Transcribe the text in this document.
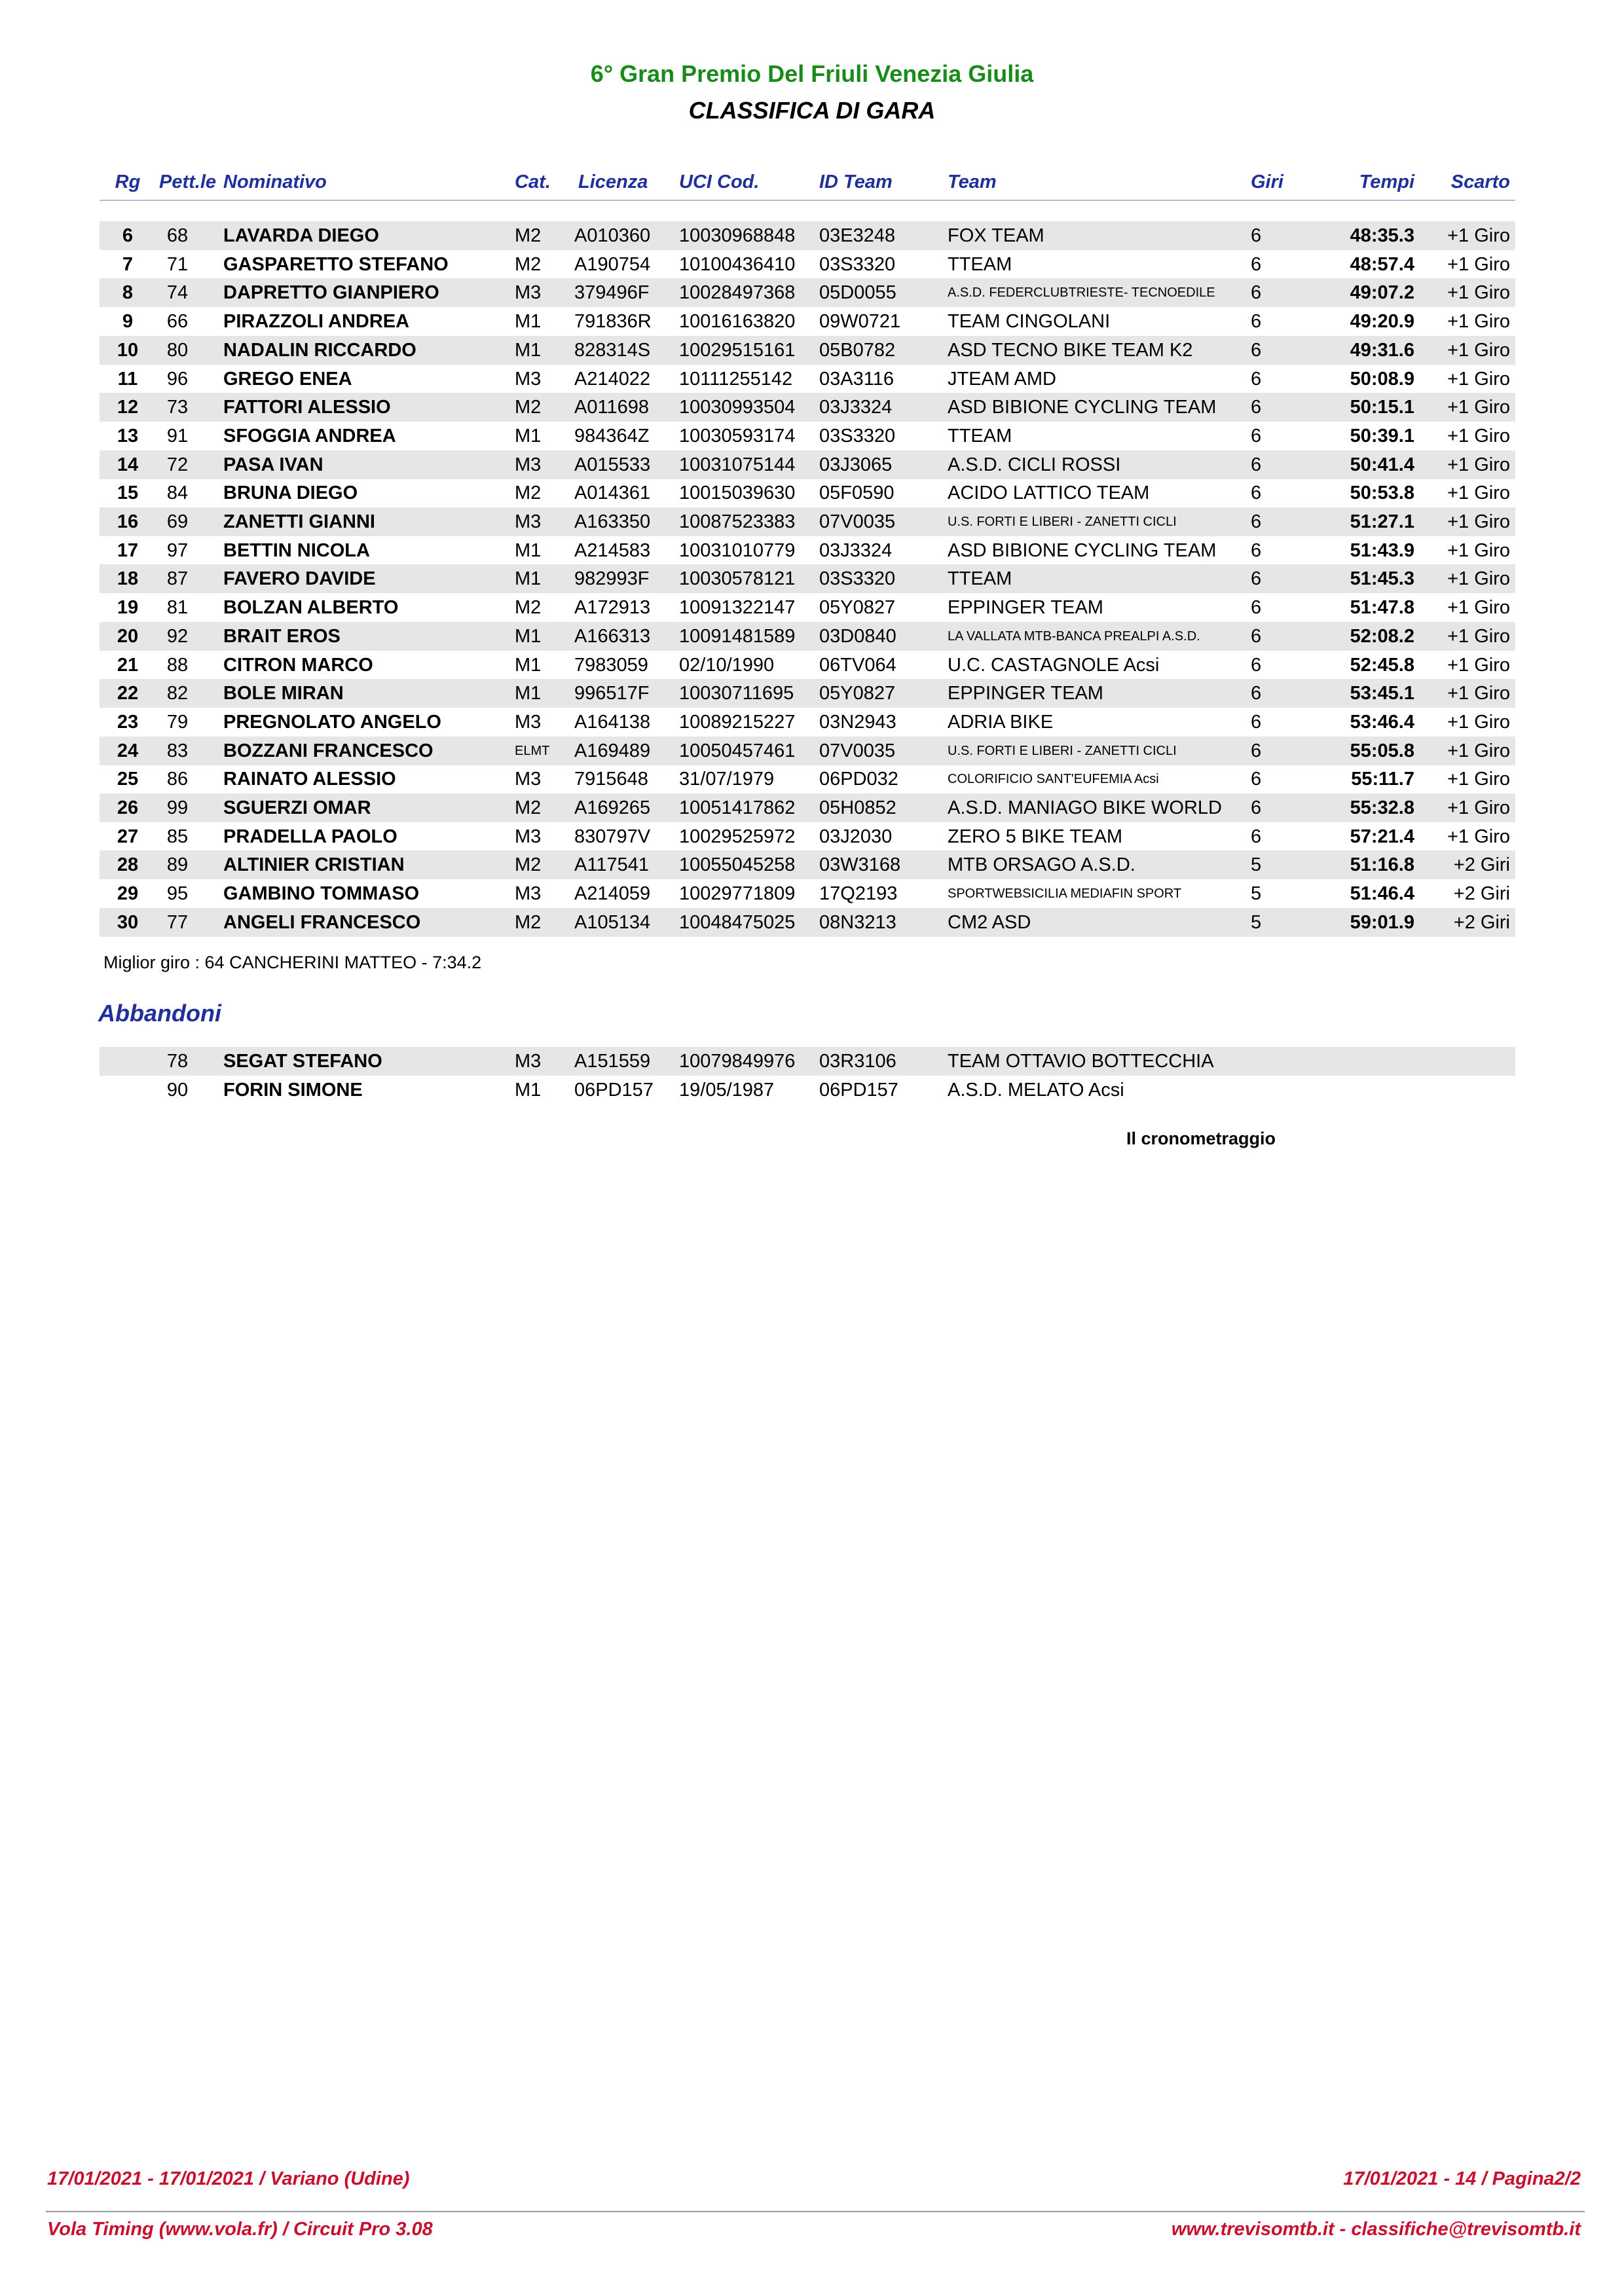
6° Gran Premio Del Friuli Venezia Giulia
CLASSIFICA DI GARA
Rg Pett.le Nominativo	Cat. Licenza UCI Cod.	ID Team	Team	Giri	Tempi	Scarto
6	68	LAVARDA DIEGO	M2 A010360 10030968848 03E3248	FOX TEAM	6	48:35.3	+1 Giro
7	71	GASPARETTO STEFANO	M2 A190754 10100436410 03S3320	TTEAM	6	48:57.4	+1 Giro
8	74	DAPRETTO GIANPIERO	M3 379496F 10028497368 05D0055	A.S.D. FEDERCLUBTRIESTE- TECNOEDILE 6	49:07.2	+1 Giro
9	66	PIRAZZOLI ANDREA	M1 791836R 10016163820 09W0721 TEAM CINGOLANI	6	49:20.9	+1 Giro
10	80	NADALIN RICCARDO	M1 828314S 10029515161 05B0782	ASD TECNO BIKE TEAM K2	6	49:31.6	+1 Giro
11	96	GREGO ENEA	M3 A214022 10111255142 03A3116	JTEAM AMD	6	50:08.9	+1 Giro
12	73	FATTORI ALESSIO	M2 A011698 10030993504 03J3324	ASD BIBIONE CYCLING TEAM 6	50:15.1	+1 Giro
13	91	SFOGGIA ANDREA	M1 984364Z 10030593174 03S3320	TTEAM	6	50:39.1	+1 Giro
14	72	PASA IVAN	M3 A015533 10031075144 03J3065	A.S.D. CICLI ROSSI	6	50:41.4	+1 Giro
15	84	BRUNA DIEGO	M2 A014361 10015039630 05F0590	ACIDO LATTICO TEAM	6	50:53.8	+1 Giro
16	69	ZANETTI GIANNI	M3 A163350 10087523383 07V0035	U.S. FORTI E LIBERI - ZANETTI CICLI	6	51:27.1	+1 Giro
17	97	BETTIN NICOLA	M1 A214583 10031010779 03J3324	ASD BIBIONE CYCLING TEAM 6	51:43.9	+1 Giro
18	87	FAVERO DAVIDE	M1 982993F 10030578121 03S3320	TTEAM	6	51:45.3	+1 Giro
19	81	BOLZAN ALBERTO	M2 A172913 10091322147 05Y0827	EPPINGER TEAM	6	51:47.8	+1 Giro
20	92	BRAIT EROS	M1 A166313 10091481589 03D0840	LA VALLATA MTB-BANCA PREALPI A.S.D.	6	52:08.2	+1 Giro
21	88	CITRON MARCO	M1 7983059 02/10/1990 06TV064	U.C. CASTAGNOLE Acsi	6	52:45.8	+1 Giro
22	82	BOLE MIRAN	M1 996517F 10030711695 05Y0827	EPPINGER TEAM	6	53:45.1	+1 Giro
23	79	PREGNOLATO ANGELO	M3 A164138 10089215227 03N2943	ADRIA BIKE	6	53:46.4	+1 Giro
24	83	BOZZANI FRANCESCO	ELMT A169489 10050457461 07V0035	U.S. FORTI E LIBERI - ZANETTI CICLI	6	55:05.8	+1 Giro
25	86	RAINATO ALESSIO	M3 7915648 31/07/1979 06PD032	COLORIFICIO SANT'EUFEMIA Acsi	6	55:11.7	+1 Giro
26	99	SGUERZI OMAR	M2 A169265 10051417862 05H0852	A.S.D. MANIAGO BIKE WORLD 6	55:32.8	+1 Giro
27	85	PRADELLA PAOLO	M3 830797V 10029525972 03J2030	ZERO 5 BIKE TEAM	6	57:21.4	+1 Giro
28	89	ALTINIER CRISTIAN	M2 A117541 10055045258 03W3168 MTB ORSAGO A.S.D.	5	51:16.8	+2 Giri
29	95	GAMBINO TOMMASO	M3 A214059 10029771809 17Q2193	SPORTWEBSICILIA MEDIAFIN SPORT	5	51:46.4	+2 Giri
30	77	ANGELI FRANCESCO	M2 A105134 10048475025 08N3213	CM2 ASD	5	59:01.9	+2 Giri
Miglior giro : 64 CANCHERINI MATTEO - 7:34.2
Abbandoni
78	SEGAT STEFANO	M3 A151559 10079849976 03R3106	TEAM OTTAVIO BOTTECCHIA
90	FORIN SIMONE	M1 06PD157 19/05/1987 06PD157	A.S.D. MELATO Acsi
Il cronometraggio
17/01/2021 - 17/01/2021 / Variano (Udine)	17/01/2021 - 14 / Pagina2/2
Vola Timing (www.vola.fr) / Circuit Pro 3.08	www.trevisomtb.it - classifiche@trevisomtb.it
